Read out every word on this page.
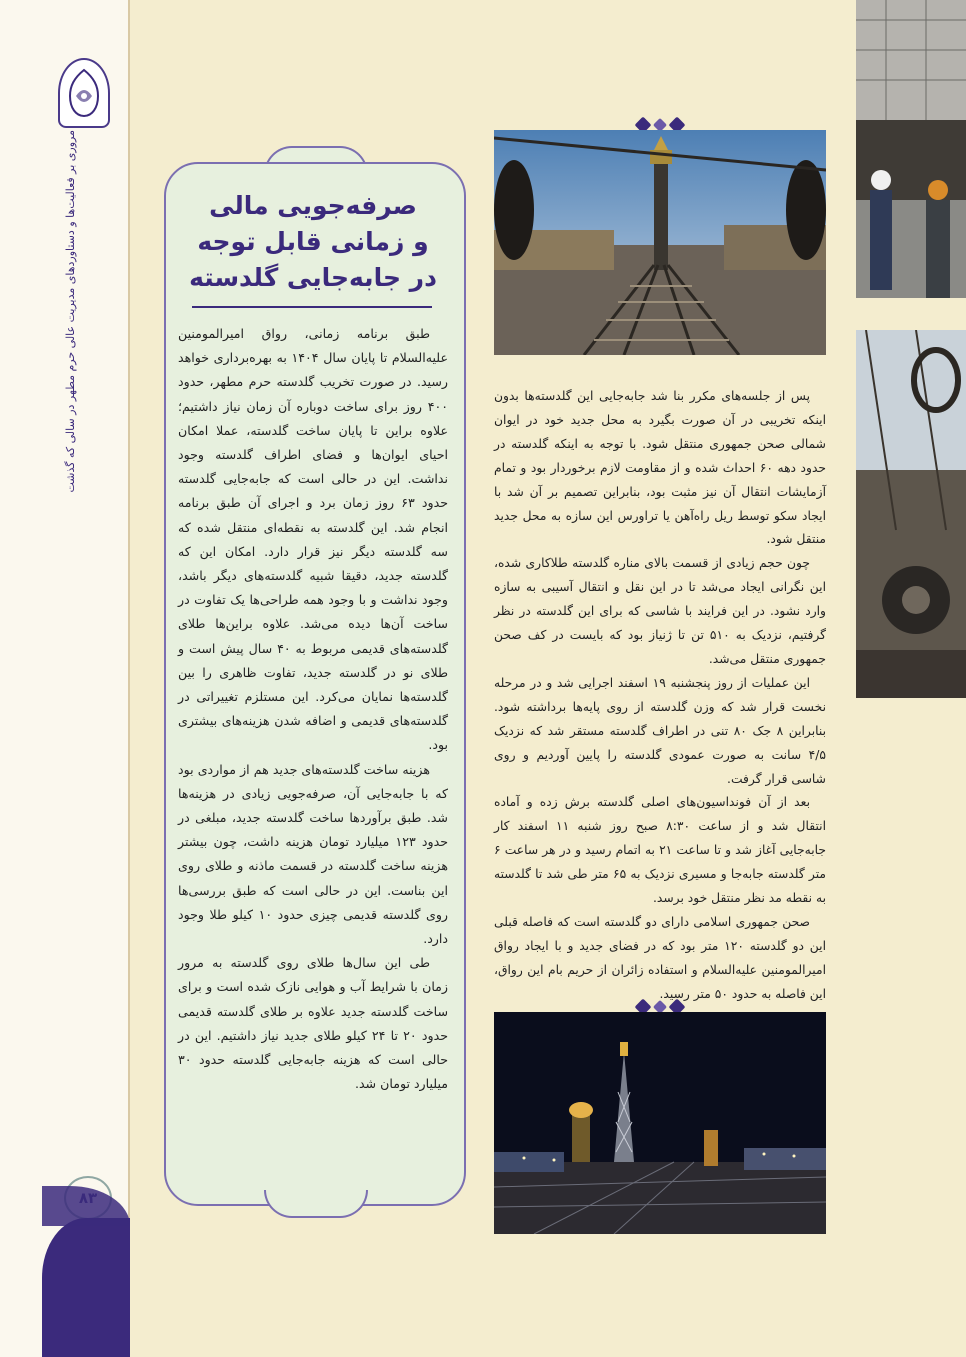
مروری بر فعالیت‌ها و دستاوردهای مدیریت عالی حرم مطهر در سالی که گذشت	صرفه‌جویی مالی
و زمانی قابل توجه
در جابه‌جایی گلدسته

طبق برنامه زمانی، رواق امیرالمومنین علیه‌السلام تا پایان سال ۱۴۰۴ به بهره‌برداری خواهد رسید. در صورت تخریب گلدسته حرم مطهر، حدود ۴۰۰ روز برای ساخت دوباره آن زمان نیاز داشتیم؛ علاوه براین تا پایان ساخت گلدسته، عملا امکان احیای ایوان‌ها و فضای اطراف گلدسته وجود نداشت. این در حالی است که جابه‌جایی گلدسته حدود ۶۳ روز زمان برد و اجرای آن طبق برنامه انجام شد. این گلدسته به نقطه‌ای منتقل شده که سه گلدسته دیگر نیز قرار دارد. امکان این که گلدسته جدید، دقیقا شبیه گلدسته‌های دیگر باشد، وجود نداشت و با وجود همه طراحی‌ها یک تفاوت در ساخت آن‌ها دیده می‌شد. علاوه براین‌ها طلای گلدسته‌های قدیمی مربوط به ۴۰ سال پیش است و طلای نو در گلدسته جدید، تفاوت ظاهری را بین گلدسته‌ها نمایان می‌کرد. این مستلزم تغییراتی در گلدسته‌های قدیمی و اضافه شدن هزینه‌های بیشتری بود.

هزینه ساخت گلدسته‌های جدید هم از مواردی بود که با جابه‌جایی آن، صرفه‌جویی زیادی در هزینه‌ها شد. طبق برآوردها ساخت گلدسته جدید، مبلغی در حدود ۱۲۳ میلیارد تومان هزینه داشت، چون بیشتر هزینه ساخت گلدسته در قسمت ماذنه و طلای روی این بناست. این در حالی است که طبق بررسی‌ها روی گلدسته قدیمی چیزی حدود ۱۰ کیلو طلا وجود دارد.

طی این سال‌ها طلای روی گلدسته به مرور زمان با شرایط آب و هوایی نازک شده است و برای ساخت گلدسته جدید علاوه بر طلای گلدسته قدیمی حدود ۲۰ تا ۲۴ کیلو طلای جدید نیاز داشتیم. این در حالی است که هزینه جابه‌جایی گلدسته حدود ۳۰ میلیارد تومان شد.

پس از جلسه‌های مکرر بنا شد جابه‌جایی این گلدسته‌ها بدون اینکه تخریبی در آن صورت بگیرد به محل جدید خود در ایوان شمالی صحن جمهوری منتقل شود. با توجه به اینکه گلدسته در حدود دهه ۶۰ احداث شده و از مقاومت لازم برخوردار بود و تمام آزمایشات انتقال آن نیز مثبت بود، بنابراین تصمیم بر آن شد با ایجاد سکو توسط ریل راه‌آهن یا تراورس این سازه به محل جدید منتقل شود.

چون حجم زیادی از قسمت بالای مناره گلدسته طلاکاری شده، این نگرانی ایجاد می‌شد تا در این نقل و انتقال آسیبی به سازه وارد نشود. در این فرایند با شاسی که برای این گلدسته در نظر گرفتیم، نزدیک به ۵۱۰ تن تا ژنیاز بود که بایست در کف صحن جمهوری منتقل می‌شد.

این عملیات از روز پنجشنبه ۱۹ اسفند اجرایی شد و در مرحله نخست قرار شد که وزن گلدسته از روی پایه‌ها برداشته شود. بنابراین ۸ جک ۸۰ تنی در اطراف گلدسته مستقر شد که نزدیک ۴/۵ سانت به صورت عمودی گلدسته را پایین آوردیم و روی شاسی قرار گرفت.

بعد از آن فونداسیون‌های اصلی گلدسته برش زده و آماده انتقال شد و از ساعت ۸:۳۰ صبح روز شنبه ۱۱ اسفند کار جابه‌جایی آغاز شد و تا ساعت ۲۱ به اتمام رسید و در هر ساعت ۶ متر گلدسته جابه‌جا و مسیری نزدیک به ۶۵ متر طی شد تا گلدسته به نقطه مد نظر منتقل خود برسد.

صحن جمهوری اسلامی دارای دو گلدسته است که فاصله قبلی این دو گلدسته ۱۲۰ متر بود که در فضای جدید و با ایجاد رواق امیرالمومنین علیه‌السلام و استفاده زائران از حریم بام این رواق، این فاصله به حدود ۵۰ متر رسید.
